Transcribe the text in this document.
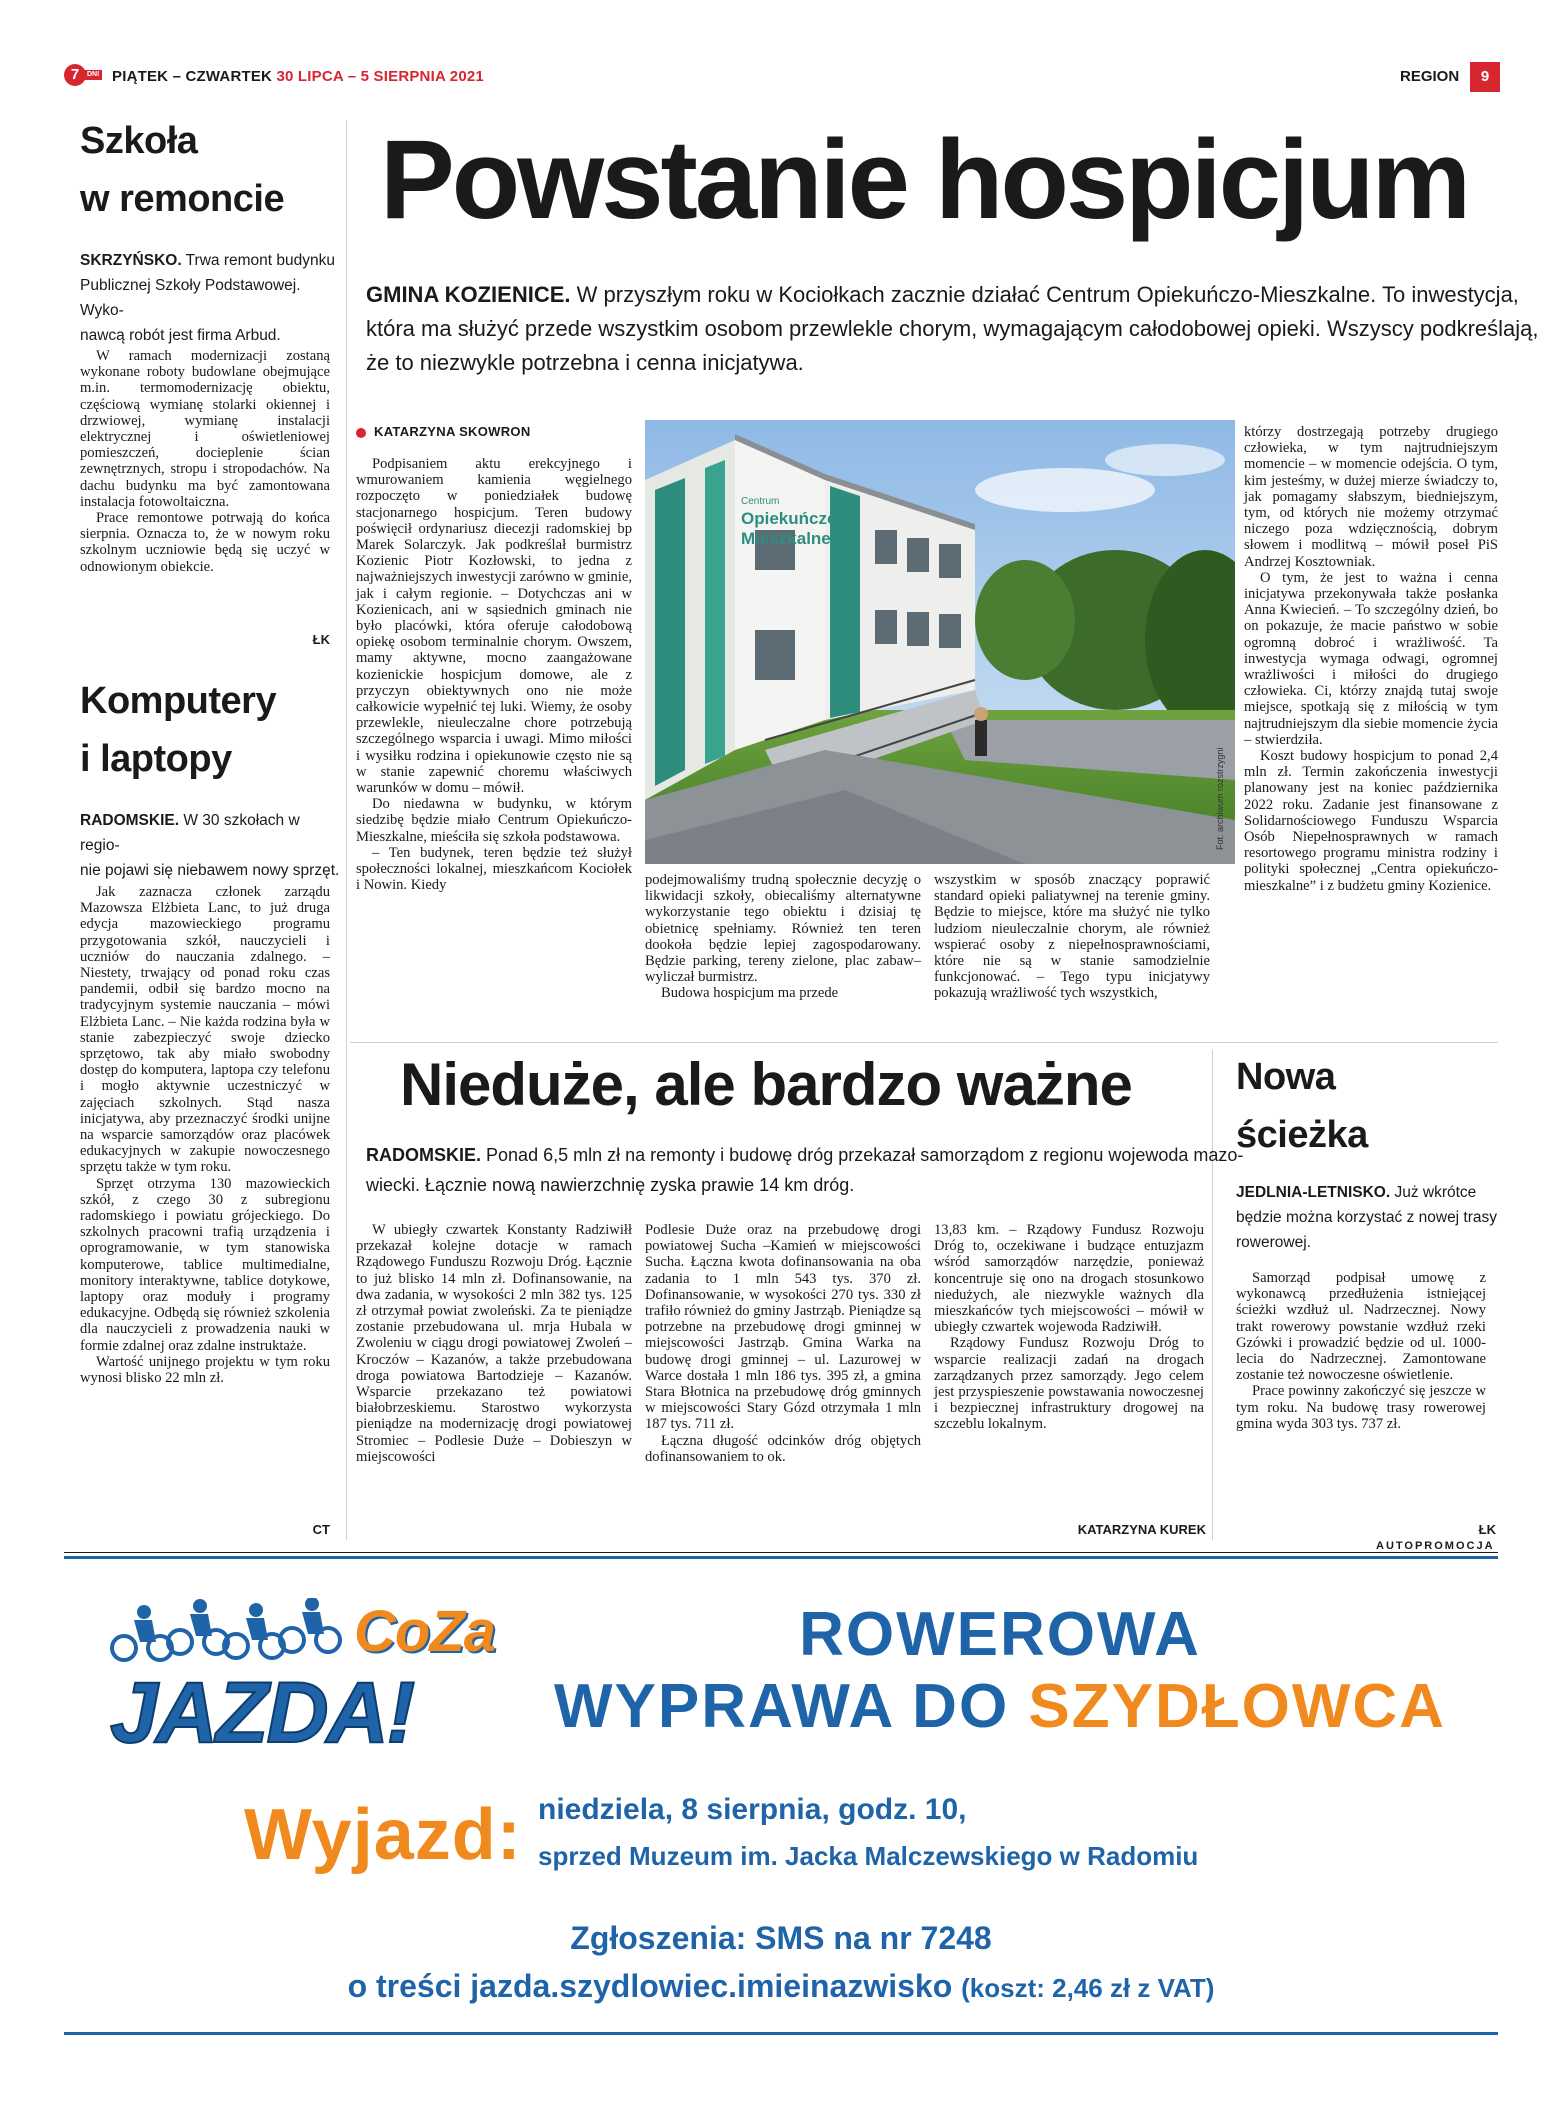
7	DNI PIĄTEK – CZWARTEK 30 LIPCA – 5 SIERPNIA 2021	REGION	9
Szkoła
w remoncie
SKRZYŃSKO. Trwa remont budynku
Publicznej Szkoły Podstawowej. Wyko-
nawcą robót jest firma Arbud.

W ramach modernizacji zostaną wykonane roboty budowlane obejmujące m.in. termomodernizację obiektu, częściową wymianę stolarki okiennej i drzwiowej, wymianę instalacji elektrycznej i oświetleniowej pomieszczeń, docieplenie ścian zewnętrznych, stropu i stropodachów. Na dachu budynku ma być zamontowana instalacja fotowoltaiczna.

Prace remontowe potrwają do końca sierpnia. Oznacza to, że w nowym roku szkolnym uczniowie będą się uczyć w odnowionym obiekcie.

ŁK
Komputery
i laptopy
RADOMSKIE. W 30 szkołach w regio-
nie pojawi się niebawem nowy sprzęt.

Jak zaznacza członek zarządu Mazowsza Elżbieta Lanc, to już druga edycja mazowieckiego programu przygotowania szkół, nauczycieli i uczniów do nauczania zdalnego. – Niestety, trwający od ponad roku czas pandemii, odbił się bardzo mocno na tradycyjnym systemie nauczania – mówi Elżbieta Lanc. – Nie każda rodzina była w stanie zabezpieczyć swoje dziecko sprzętowo, tak aby miało swobodny dostęp do komputera, laptopa czy telefonu i mogło aktywnie uczestniczyć w zajęciach szkolnych. Stąd nasza inicjatywa, aby przeznaczyć środki unijne na wsparcie samorządów oraz placówek edukacyjnych w zakupie nowoczesnego sprzętu także w tym roku.

Sprzęt otrzyma 130 mazowieckich szkół, z czego 30 z subregionu radomskiego i powiatu grójeckiego. Do szkolnych pracowni trafią urządzenia i oprogramowanie, w tym stanowiska komputerowe, tablice multimedialne, monitory interaktywne, tablice dotykowe, laptopy oraz moduły i programy edukacyjne. Odbędą się również szkolenia dla nauczycieli z prowadzenia nauki w formie zdalnej oraz zdalne instruktaże.

Wartość unijnego projektu w tym roku wynosi blisko 22 mln zł.

CT
Powstanie hospicjum
GMINA KOZIENICE. W przyszłym roku w Kociołkach zacznie działać Centrum Opiekuńczo-Mieszkalne. To inwestycja,
która ma służyć przede wszystkim osobom przewlekle chorym, wymagającym całodobowej opieki. Wszyscy podkreślają,
że to niezwykle potrzebna i cenna inicjatywa.
KATARZYNA SKOWRON
Centrum
Opiekuńczo
Mieszkalne
Fot. archiwum rozstrzygni

Podpisaniem aktu erekcyjnego i wmurowaniem kamienia węgielnego rozpoczęto w poniedziałek budowę stacjonarnego hospicjum. Teren budowy poświęcił ordynariusz diecezji radomskiej bp Marek Solarczyk. Jak podkreślał burmistrz Kozienic Piotr Kozłowski, to jedna z najważniejszych inwestycji zarówno w gminie, jak i całym regionie. – Dotychczas ani w Kozienicach, ani w sąsiednich gminach nie było placówki, która oferuje całodobową opiekę osobom terminalnie chorym. Owszem, mamy aktywne, mocno zaangażowane kozienickie hospicjum domowe, ale z przyczyn obiektywnych ono nie może całkowicie wypełnić tej luki. Wiemy, że osoby przewlekle, nieuleczalne chore potrzebują szczególnego wsparcia i uwagi. Mimo miłości i wysiłku rodzina i opiekunowie często nie są w stanie zapewnić choremu właściwych warunków w domu – mówił.

Do niedawna w budynku, w którym siedzibę będzie miało Centrum Opiekuńczo-Mieszkalne, mieściła się szkoła podstawowa.

– Ten budynek, teren będzie też służył społeczności lokalnej, mieszkańcom Kociołek i Nowin. Kiedy	podejmowaliśmy trudną społecznie decyzję o likwidacji szkoły, obiecaliśmy alternatywne wykorzystanie tego obiektu i dzisiaj tę obietnicę spełniamy. Również ten teren dookoła będzie lepiej zagospodarowany. Będzie parking, tereny zielone, plac zabaw– wyliczał burmistrz.

Budowa hospicjum ma przede

wszystkim w sposób znaczący poprawić standard opieki paliatywnej na terenie gminy. Będzie to miejsce, które ma służyć nie tylko ludziom nieuleczalnie chorym, ale również wspierać osoby z niepełnosprawnościami, które nie są w stanie samodzielnie funkcjonować. – Tego typu inicjatywy pokazują wrażliwość tych wszystkich,

którzy dostrzegają potrzeby drugiego człowieka, w tym najtrudniejszym momencie – w momencie odejścia. O tym, kim jesteśmy, w dużej mierze świadczy to, jak pomagamy słabszym, biedniejszym, tym, od których nie możemy otrzymać niczego poza wdzięcznością, dobrym słowem i modlitwą – mówił poseł PiS Andrzej Kosztowniak.

O tym, że jest to ważna i cenna inicjatywa przekonywała także posłanka Anna Kwiecień. – To szczególny dzień, bo on pokazuje, że macie państwo w sobie ogromną dobroć i wrażliwość. Ta inwestycja wymaga odwagi, ogromnej wrażliwości i miłości do drugiego człowieka. Ci, którzy znajdą tutaj swoje miejsce, spotkają się z miłością w tym najtrudniejszym dla siebie momencie życia – stwierdziła.

Koszt budowy hospicjum to ponad 2,4 mln zł. Termin zakończenia inwestycji planowany jest na koniec października 2022 roku. Zadanie jest finansowane z Solidarnościowego Funduszu Wsparcia Osób Niepełnosprawnych w ramach resortowego programu ministra rodziny i polityki społecznej „Centra opiekuńczo-mieszkalne” i z budżetu gminy Kozienice.

Nieduże, ale bardzo ważne
RADOMSKIE. Ponad 6,5 mln zł na remonty i budowę dróg przekazał samorządom z regionu wojewoda mazo-
wiecki. Łącznie nową nawierzchnię zyska prawie 14 km dróg.

W ubiegły czwartek Konstanty Radziwiłł przekazał kolejne dotacje w ramach Rządowego Funduszu Rozwoju Dróg. Łącznie to już blisko 14 mln zł. Dofinansowanie, na dwa zadania, w wysokości 2 mln 382 tys. 125 zł otrzymał powiat zwoleński. Za te pieniądze zostanie przebudowana ul. mrja Hubala w Zwoleniu w ciągu drogi powiatowej Zwoleń – Kroczów – Kazanów, a także przebudowana droga powiatowa Bartodzieje – Kazanów. Wsparcie przekazano też powiatowi białobrzeskiemu. Starostwo wykorzysta pieniądze na modernizację drogi powiatowej Stromiec – Podlesie Duże – Dobieszyn w miejscowości

Podlesie Duże oraz na przebudowę drogi powiatowej Sucha –Kamień w miejscowości Sucha. Łączna kwota dofinansowania na oba zadania to 1 mln 543 tys. 370 zł. Dofinansowanie, w wysokości 270 tys. 330 zł trafiło również do gminy Jastrząb. Pieniądze są potrzebne na przebudowę drogi gminnej w miejscowości Jastrząb. Gmina Warka na budowę drogi gminnej – ul. Lazurowej w Warce dostała 1 mln 186 tys. 395 zł, a gmina Stara Błotnica na przebudowę dróg gminnych w miejscowości Stary Gózd otrzymała 1 mln 187 tys. 711 zł.

Łączna długość odcinków dróg objętych dofinansowaniem to ok.

13,83 km. – Rządowy Fundusz Rozwoju Dróg to, oczekiwane i budzące entuzjazm wśród samorządów narzędzie, ponieważ koncentruje się ono na drogach stosunkowo niedużych, ale niezwykle ważnych dla mieszkańców tych miejscowości – mówił w ubiegły czwartek wojewoda Radziwiłł.

Rządowy Fundusz Rozwoju Dróg to wsparcie realizacji zadań na drogach zarządzanych przez samorządy. Jego celem jest przyspieszenie powstawania nowoczesnej i bezpiecznej infrastruktury drogowej na szczeblu lokalnym.

KATARZYNA KUREK
Nowa
ścieżka
JEDLNIA-LETNISKO. Już wkrótce
będzie można korzystać z nowej trasy
rowerowej.

Samorząd podpisał umowę z wykonawcą przedłużenia istniejącej ścieżki wzdłuż ul. Nadrzecznej. Nowy trakt rowerowy powstanie wzdłuż rzeki Gzówki i prowadzić będzie od ul. 1000-lecia do Nadrzecznej. Zamontowane zostanie też nowoczesne oświetlenie.

Prace powinny zakończyć się jeszcze w tym roku. Na budowę trasy rowerowej gmina wyda 303 tys. 737 zł.

ŁK
AUTOPROMOCJA
CoZa
JAZDA!
ROWEROWA
WYPRAWA DO SZYDŁOWCA
Wyjazd: niedziela, 8 sierpnia, godz. 10,
sprzed Muzeum im. Jacka Malczewskiego w Radomiu
Zgłoszenia: SMS na nr 7248
o treści jazda.szydlowiec.imieinazwisko (koszt: 2,46 zł z VAT)
